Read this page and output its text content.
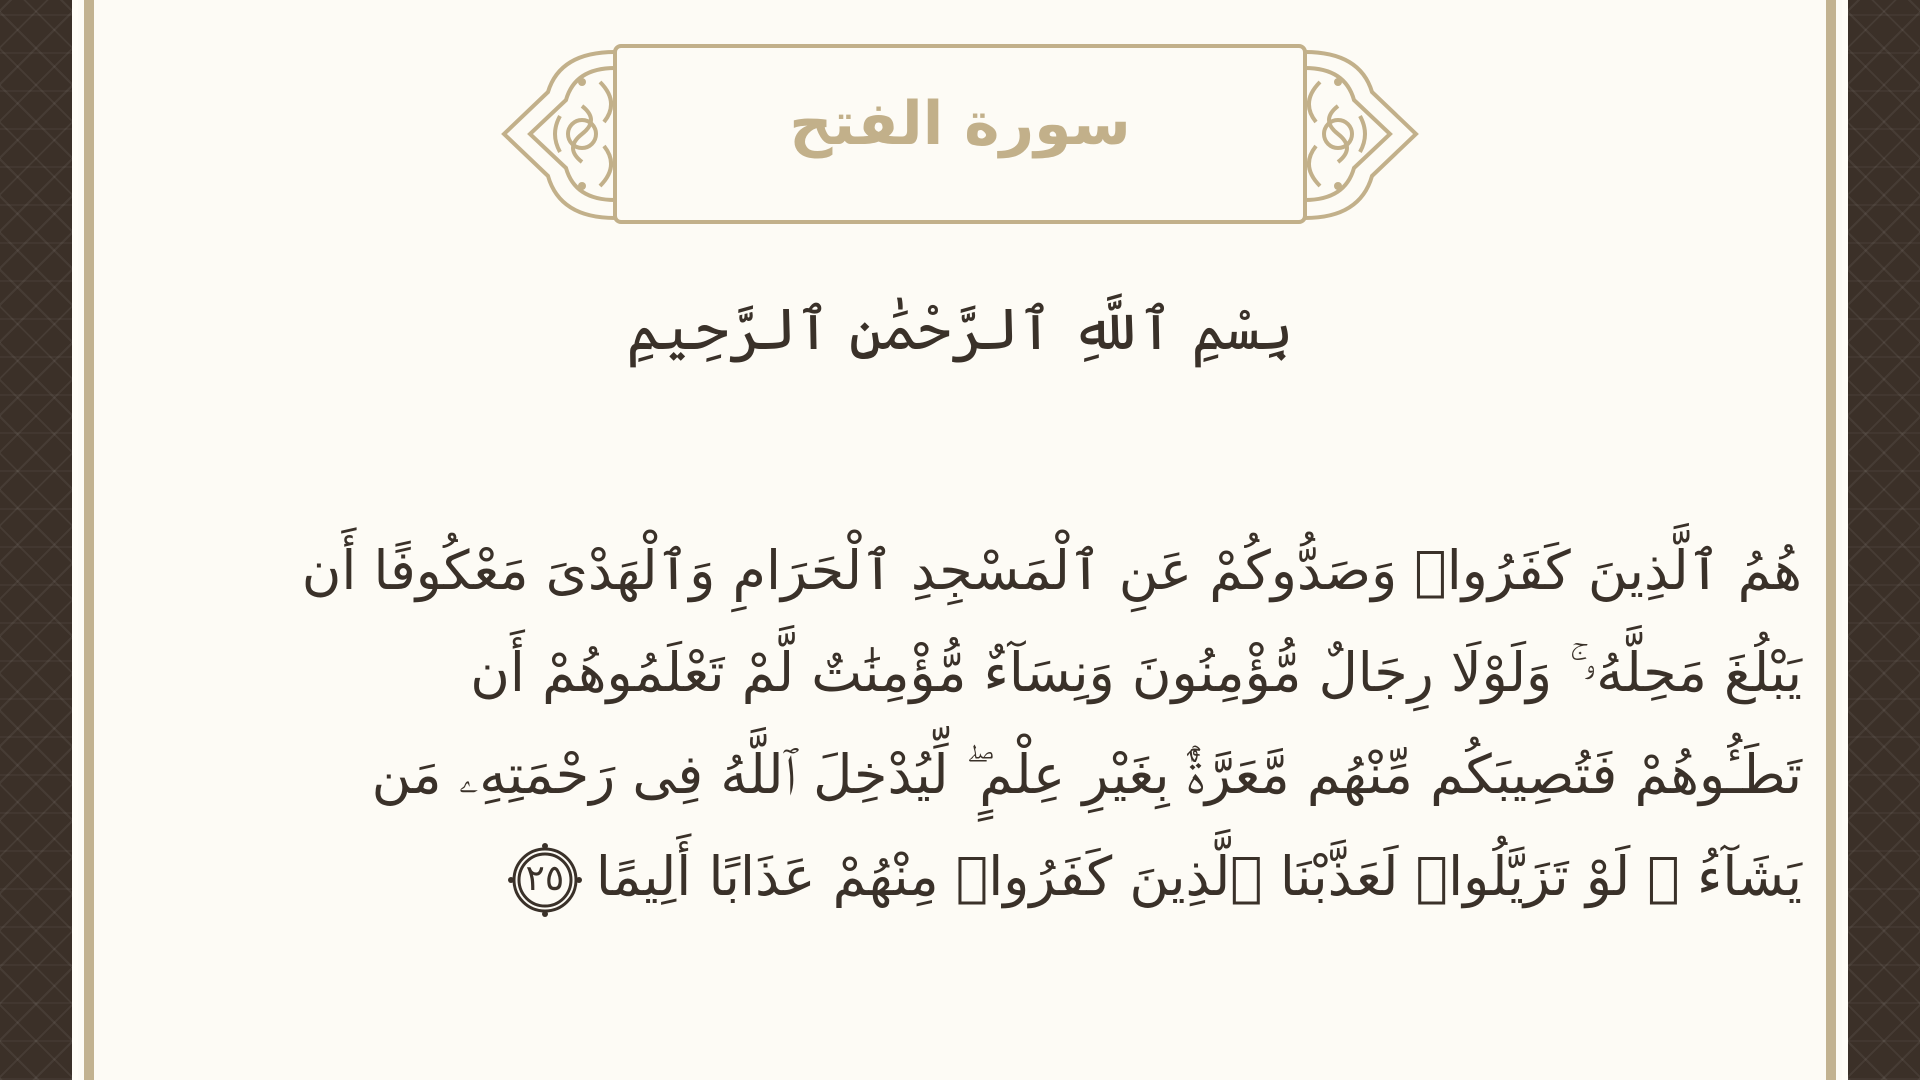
سورة الفتح
بِسْمِ ٱللَّهِ ٱلرَّحْمَٰنِ ٱلرَّحِيمِ
هُمُ ٱلَّذِينَ كَفَرُوا۟ وَصَدُّوكُمْ عَنِ ٱلْمَسْجِدِ ٱلْحَرَامِ وَٱلْهَدْىَ مَعْكُوفًا أَن
يَبْلُغَ مَحِلَّهُۥ ۚ وَلَوْلَا رِجَالٌ مُّؤْمِنُونَ وَنِسَآءٌ مُّؤْمِنَٰتٌ لَّمْ تَعْلَمُوهُمْ أَن
تَطَـُٔوهُمْ فَتُصِيبَكُم مِّنْهُم مَّعَرَّةٌۢ بِغَيْرِ عِلْمٍ ۖ لِّيُدْخِلَ ٱللَّهُ فِى رَحْمَتِهِۦ مَن
يَشَآءُ ۚ لَوْ تَزَيَّلُوا۟ لَعَذَّبْنَا ٱلَّذِينَ كَفَرُوا۟ مِنْهُمْ عَذَابًا أَلِيمًا
٢٥
